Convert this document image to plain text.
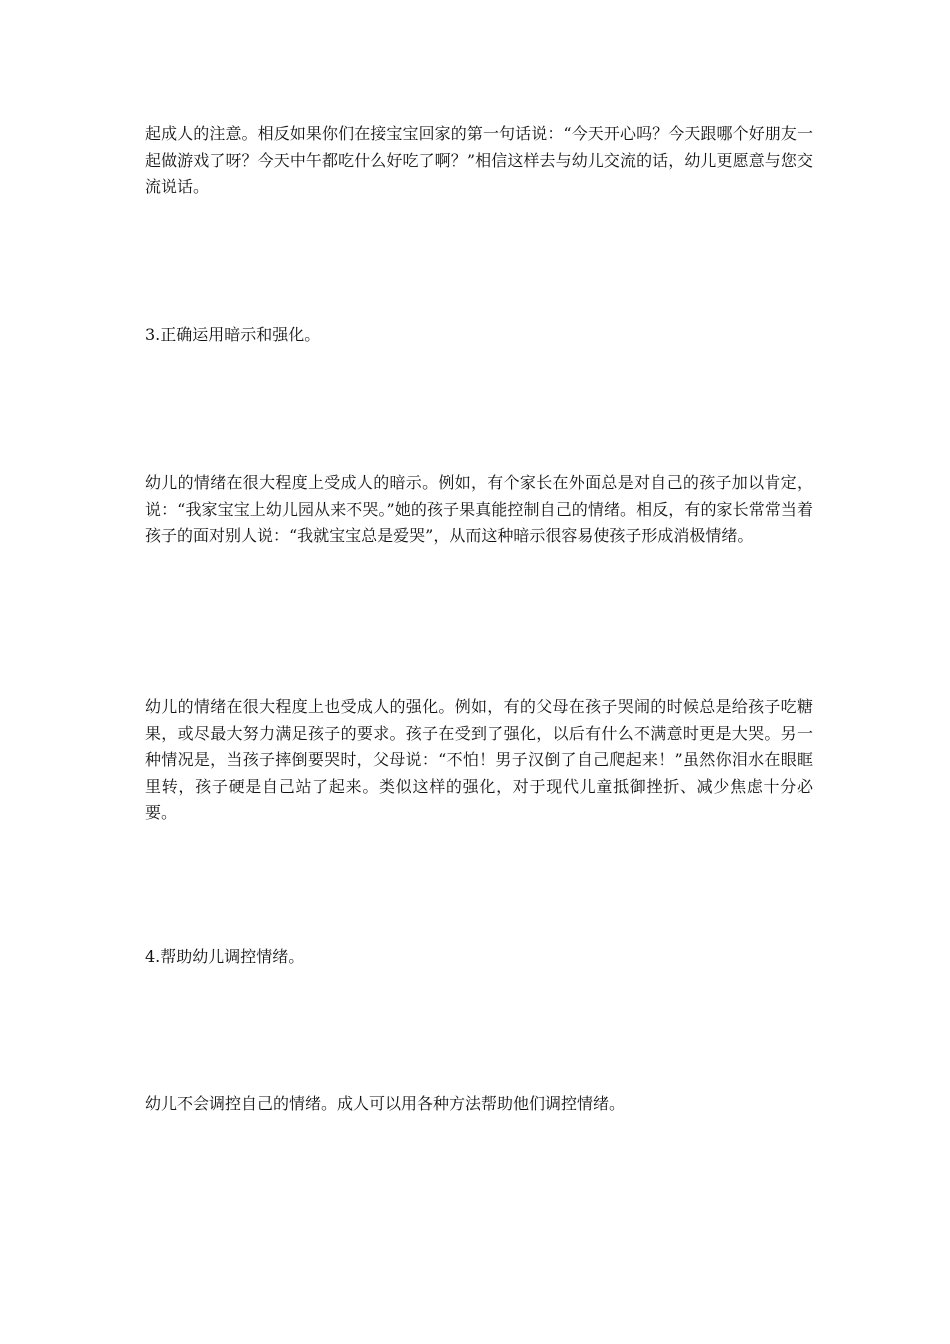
起成人的注意。相反如果你们在接宝宝回家的第一句话说：“今天开心吗？今天跟哪个好朋友一起做游戏了呀？今天中午都吃什么好吃了啊？”相信这样去与幼儿交流的话，幼儿更愿意与您交流说话。

3.正确运用暗示和强化。

幼儿的情绪在很大程度上受成人的暗示。例如，有个家长在外面总是对自己的孩子加以肯定，说：“我家宝宝上幼儿园从来不哭。”她的孩子果真能控制自己的情绪。相反，有的家长常常当着孩子的面对别人说：“我就宝宝总是爱哭”，从而这种暗示很容易使孩子形成消极情绪。

幼儿的情绪在很大程度上也受成人的强化。例如，有的父母在孩子哭闹的时候总是给孩子吃糖果，或尽最大努力满足孩子的要求。孩子在受到了强化，以后有什么不满意时更是大哭。另一种情况是，当孩子摔倒要哭时，父母说：“不怕！男子汉倒了自己爬起来！”虽然你泪水在眼眶里转，孩子硬是自己站了起来。类似这样的强化，对于现代儿童抵御挫折、减少焦虑十分必要。

4.帮助幼儿调控情绪。

幼儿不会调控自己的情绪。成人可以用各种方法帮助他们调控情绪。
